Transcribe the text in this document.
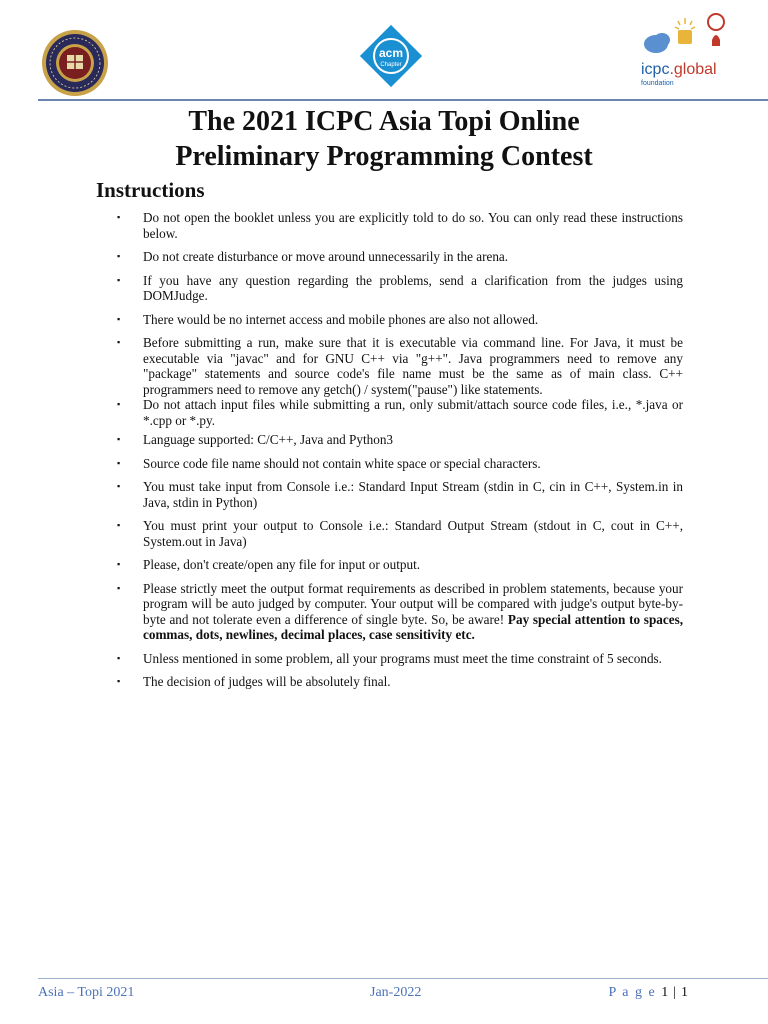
acm
Chapter	icpc.global
foundation
The 2021 ICPC Asia Topi Online
Preliminary Programming Contest
Instructions
▪ Do not open the booklet unless you are explicitly told to do so. You can only read these instructions below.
▪ Do not create disturbance or move around unnecessarily in the arena.
▪ If you have any question regarding the problems, send a clarification from the judges using DOMJudge.
▪ There would be no internet access and mobile phones are also not allowed.
▪ Before submitting a run, make sure that it is executable via command line. For Java, it must be executable via "javac" and for GNU C++ via "g++". Java programmers need to remove any "package" statements and source code's file name must be the same as of main class. C++ programmers need to remove any getch() / system("pause") like statements.
▪ Do not attach input files while submitting a run, only submit/attach source code files, i.e., *.java or *.cpp or *.py.
▪ Language supported: C/C++, Java and Python3
▪ Source code file name should not contain white space or special characters.
▪ You must take input from Console i.e.: Standard Input Stream (stdin in C, cin in C++, System.in in Java, stdin in Python)
▪ You must print your output to Console i.e.: Standard Output Stream (stdout in C, cout in C++, System.out in Java)
▪ Please, don't create/open any file for input or output.
▪ Please strictly meet the output format requirements as described in problem statements, because your program will be auto judged by computer. Your output will be compared with judge's output byte-by-byte and not tolerate even a difference of single byte. So, be aware! Pay special attention to spaces, commas, dots, newlines, decimal places, case sensitivity etc.
▪ Unless mentioned in some problem, all your programs must meet the time constraint of 5 seconds.
▪ The decision of judges will be absolutely final.
Asia – Topi 2021	Jan-2022	P a g e 1 | 1
